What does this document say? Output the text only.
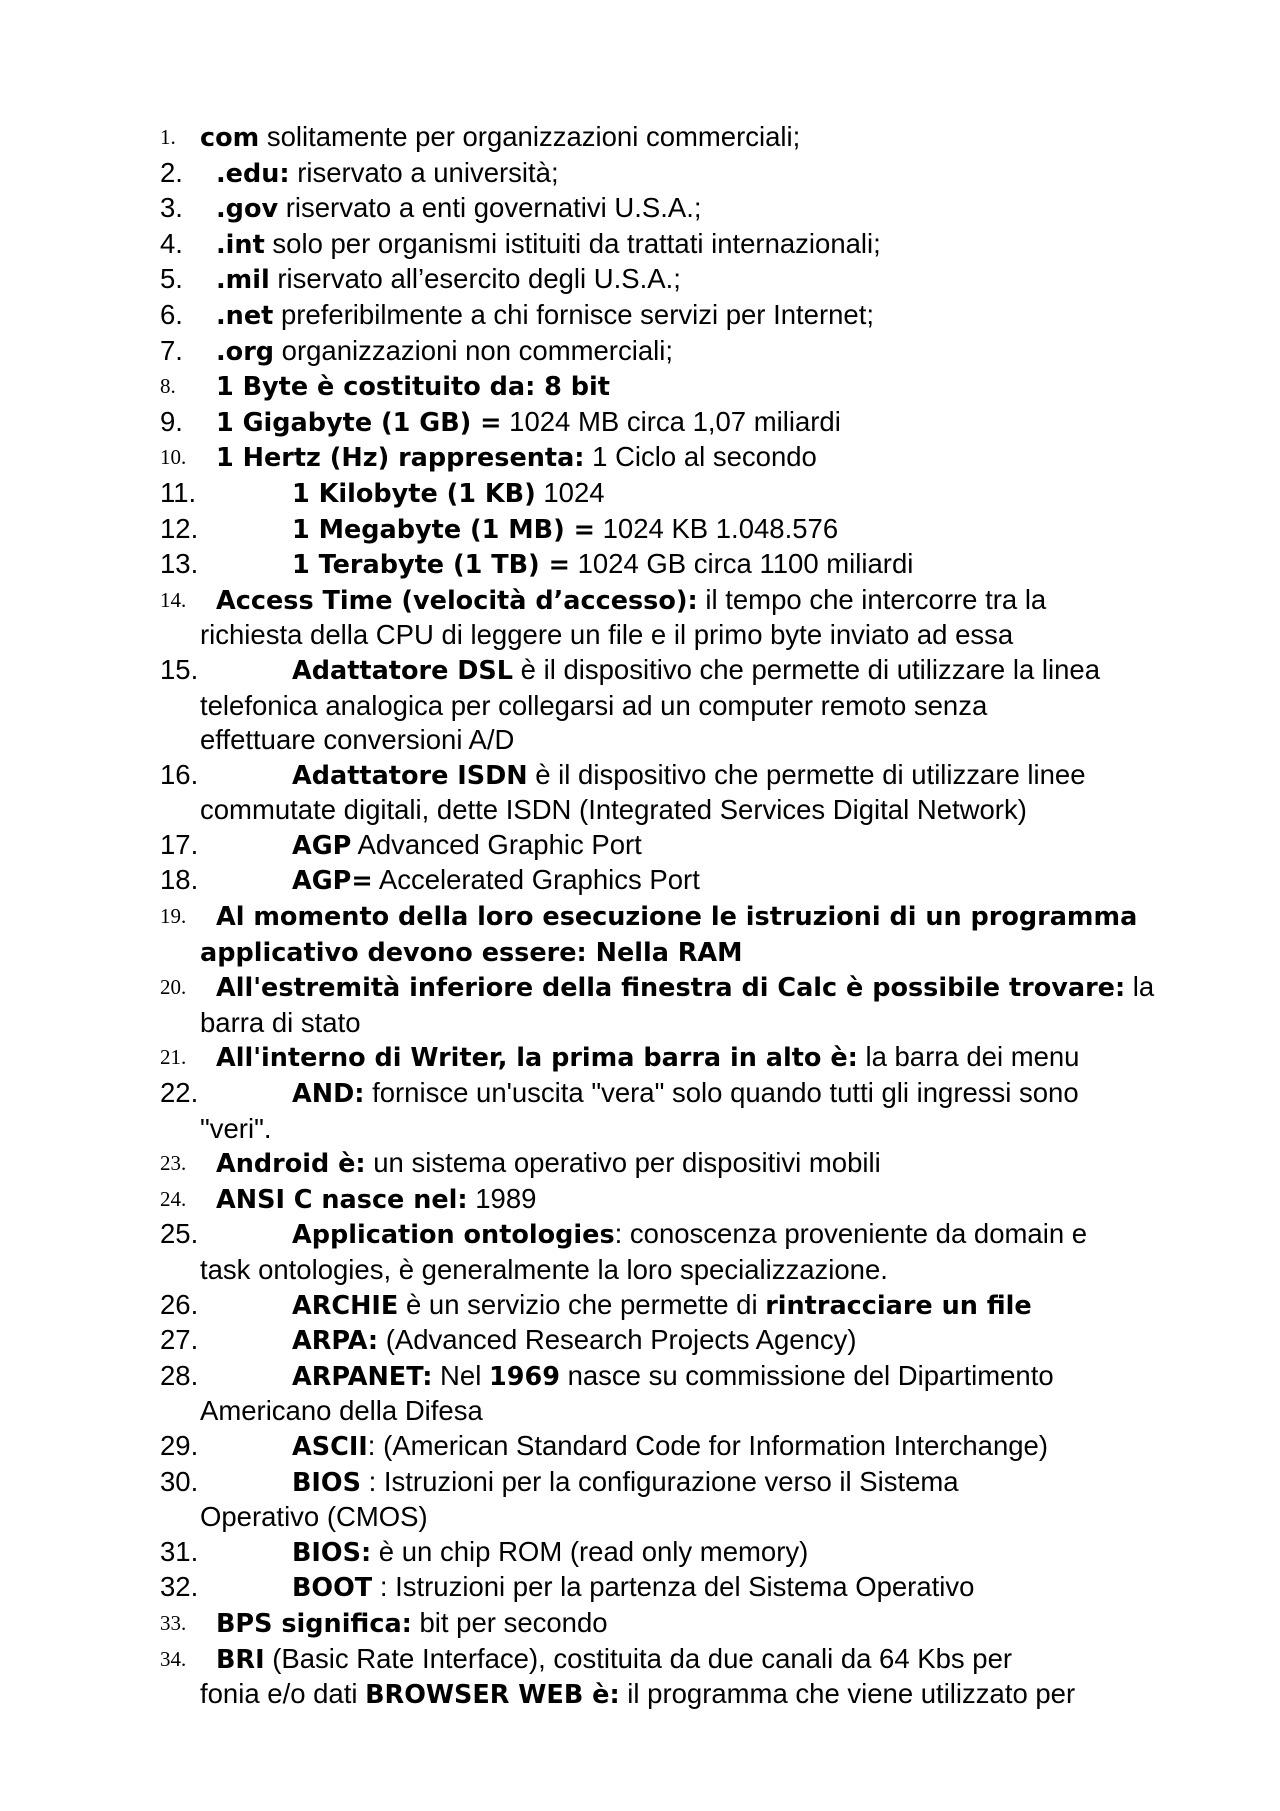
1. com solitamente per organizzazioni commerciali;
2.	.edu: riservato a università;
3.	.gov riservato a enti governativi U.S.A.;
4.	.int solo per organismi istituiti da trattati internazionali;
5.	.mil riservato all’esercito degli U.S.A.;
6.	.net preferibilmente a chi fornisce servizi per Internet;
7.	.org organizzazioni non commerciali;
8.	1 Byte è costituito da: 8 bit
9.	1 Gigabyte (1 GB) = 1024 MB circa 1,07 miliardi
10.	1 Hertz (Hz) rappresenta: 1 Ciclo al secondo
11.	1 Kilobyte (1 KB) 1024
12.	1 Megabyte (1 MB) = 1024 KB 1.048.576
13.	1 Terabyte (1 TB) = 1024 GB circa 1100 miliardi
14.	Access Time (velocità d’accesso): il tempo che intercorre tra la
richiesta della CPU di leggere un file e il primo byte inviato ad essa
15.	Adattatore DSL è il dispositivo che permette di utilizzare la linea
telefonica analogica per collegarsi ad un computer remoto senza
effettuare conversioni A/D
16.	Adattatore ISDN è il dispositivo che permette di utilizzare linee
commutate digitali, dette ISDN (Integrated Services Digital Network)
17.	AGP Advanced Graphic Port
18.	AGP= Accelerated Graphics Port
19.	Al momento della loro esecuzione le istruzioni di un programma
applicativo devono essere: Nella RAM
20.	All'estremità inferiore della finestra di Calc è possibile trovare: la
barra di stato
21.	All'interno di Writer, la prima barra in alto è: la barra dei menu
22.	AND: fornisce un'uscita "vera" solo quando tutti gli ingressi sono
"veri".
23.	Android è: un sistema operativo per dispositivi mobili
24.	ANSI C nasce nel: 1989
25.	Application ontologies: conoscenza proveniente da domain e
task ontologies, è generalmente la loro specializzazione.
26.	ARCHIE è un servizio che permette di rintracciare un file
27.	ARPA: (Advanced Research Projects Agency)
28.	ARPANET: Nel 1969 nasce su commissione del Dipartimento
Americano della Difesa
29.	ASCII: (American Standard Code for Information Interchange)
30.	BIOS : Istruzioni per la configurazione verso il Sistema
Operativo (CMOS)
31.	BIOS: è un chip ROM (read only memory)
32.	BOOT : Istruzioni per la partenza del Sistema Operativo
33.	BPS significa: bit per secondo
34.	BRI (Basic Rate Interface), costituita da due canali da 64 Kbs per
fonia e/o dati BROWSER WEB è: il programma che viene utilizzato per
